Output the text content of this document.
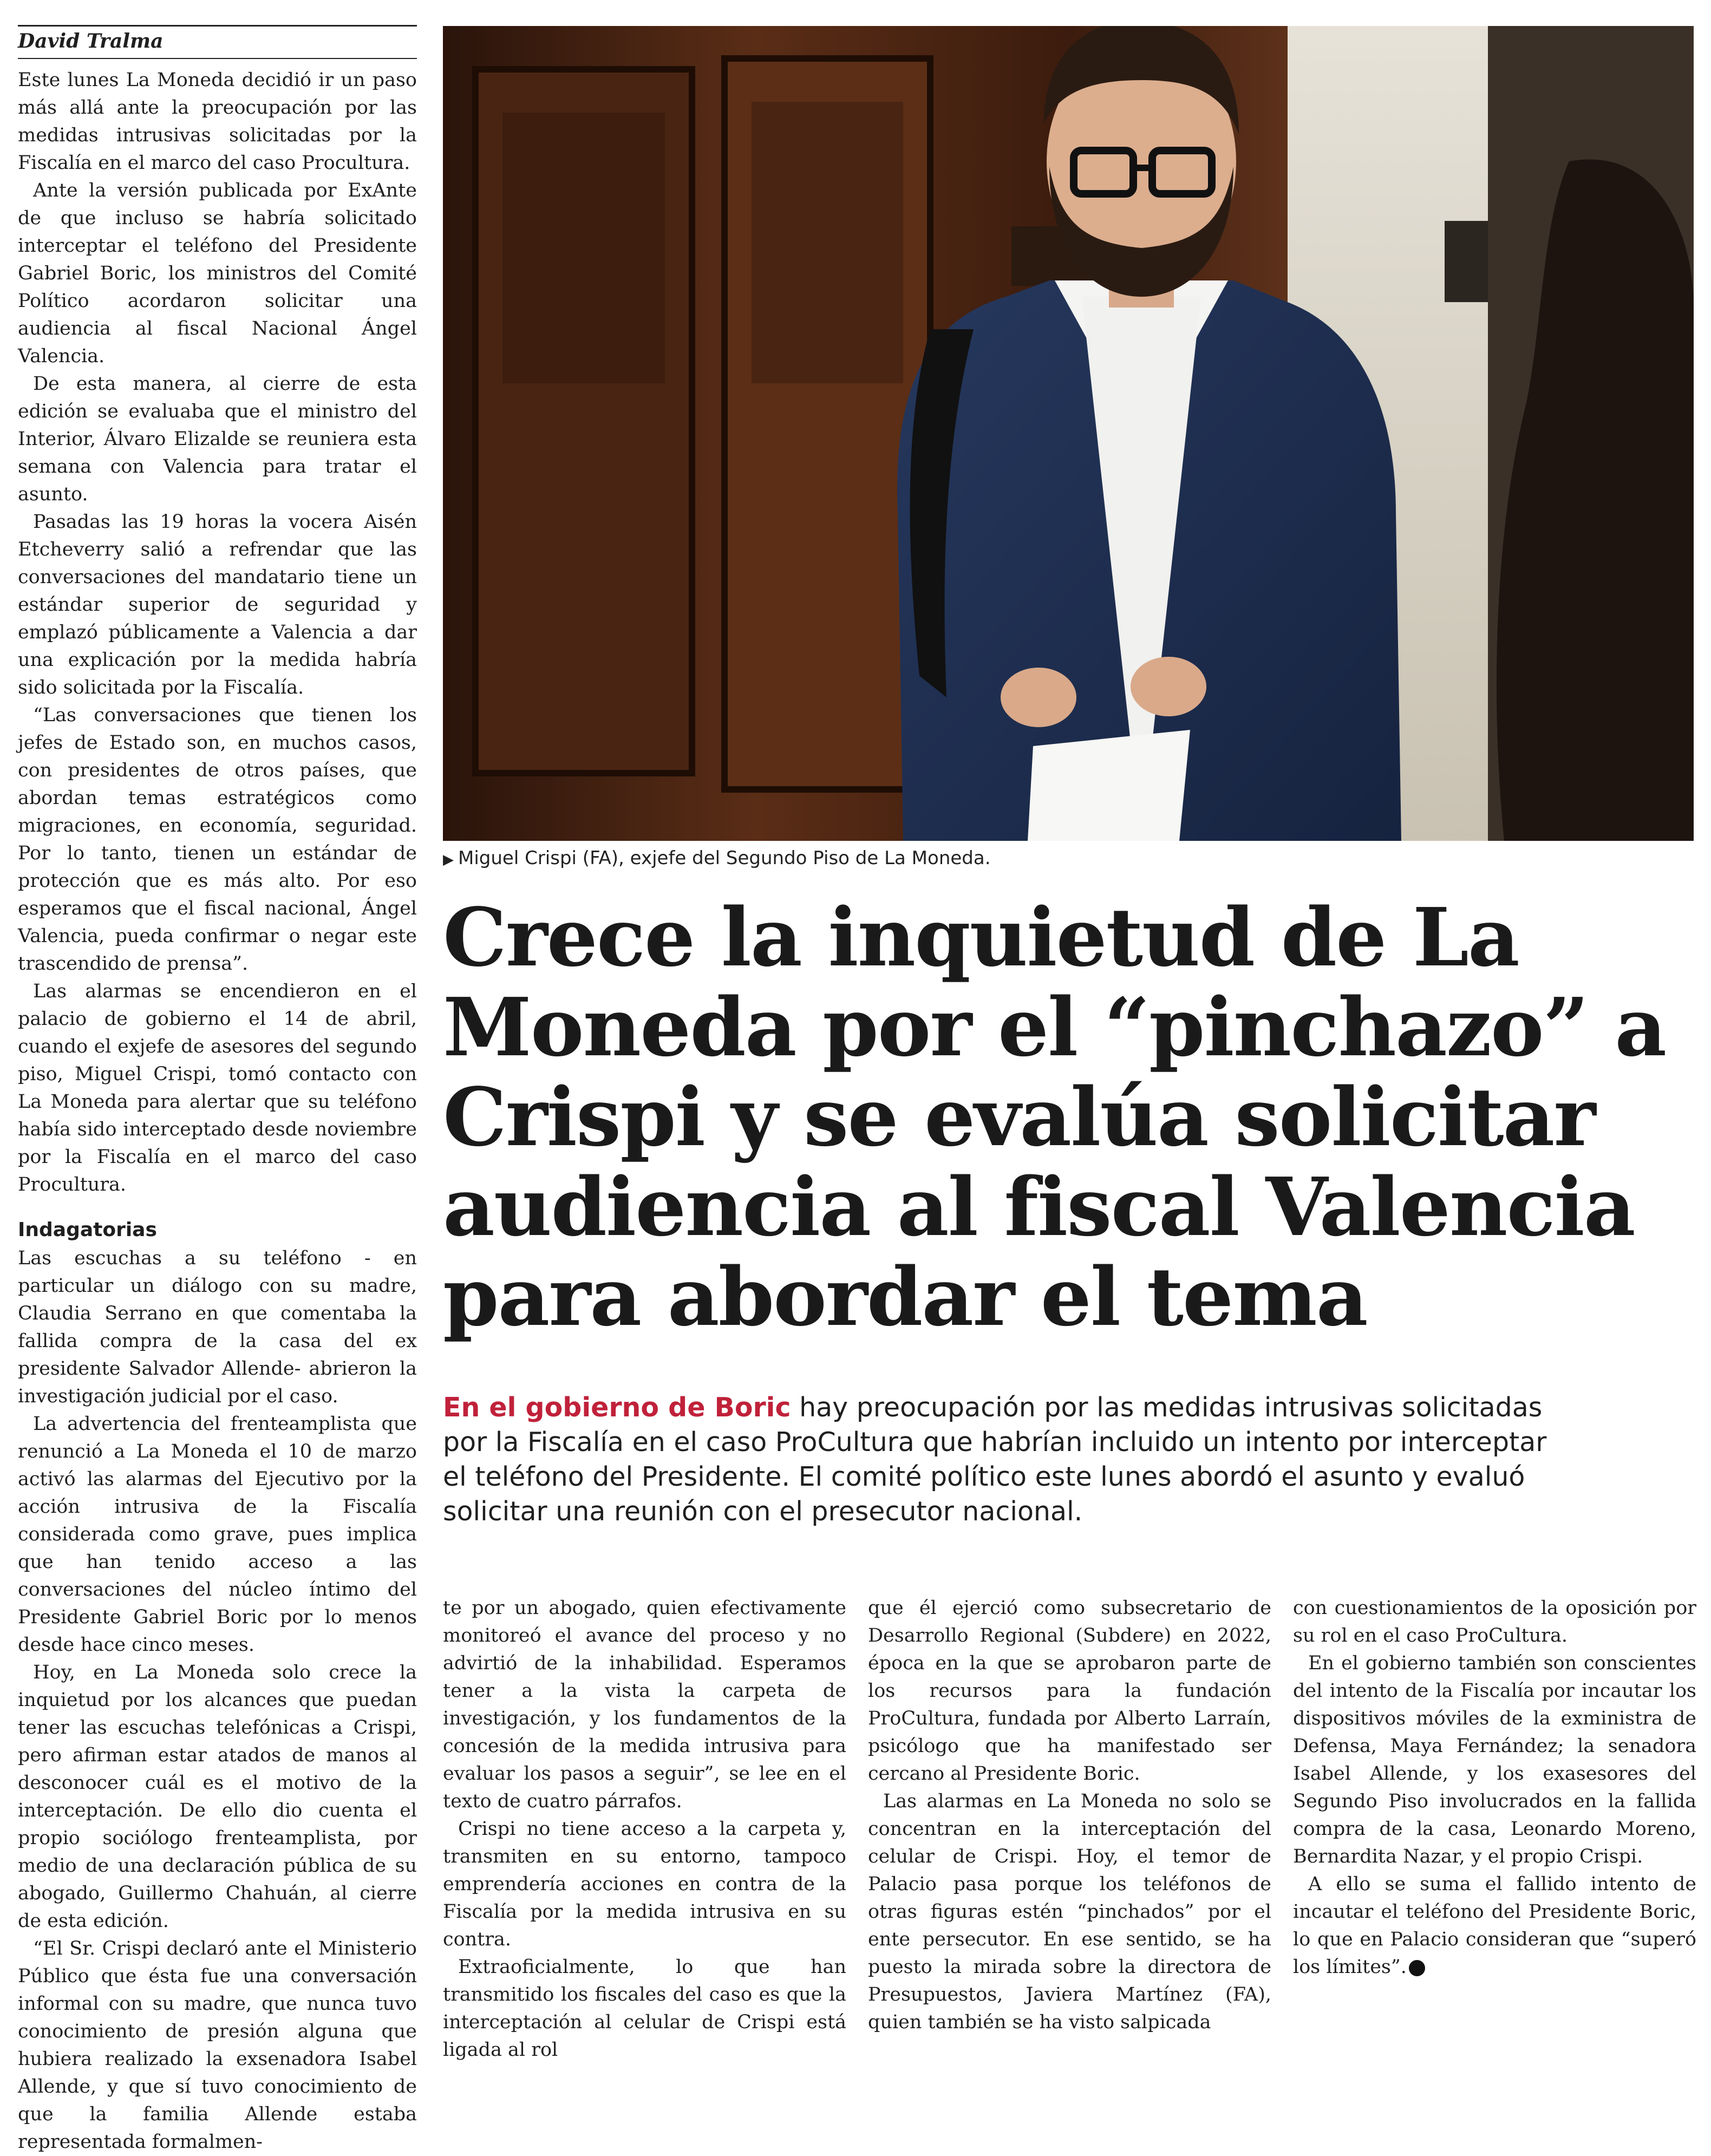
David Tralma

Este lunes La Moneda decidió ir un paso más allá ante la preocupación por las medidas intrusivas solicitadas por la Fiscalía en el marco del caso Procultura.

Ante la versión publicada por ExAnte de que incluso se habría solicitado interceptar el teléfono del Presidente Gabriel Boric, los ministros del Comité Político acordaron solicitar una audiencia al fiscal Nacional Ángel Valencia.

De esta manera, al cierre de esta edición se evaluaba que el ministro del Interior, Álvaro Elizalde se reuniera esta semana con Valencia para tratar el asunto.

Pasadas las 19 horas la vocera Aisén Etcheverry salió a refrendar que las conversaciones del mandatario tiene un estándar superior de seguridad y emplazó públicamente a Valencia a dar una explicación por la medida habría sido solicitada por la Fiscalía.

“Las conversaciones que tienen los jefes de Estado son, en muchos casos, con presidentes de otros países, que abordan temas estratégicos como migraciones, en economía, seguridad. Por lo tanto, tienen un estándar de protección que es más alto. Por eso esperamos que el fiscal nacional, Ángel Valencia, pueda confirmar o negar este trascendido de prensa”.

Las alarmas se encendieron en el palacio de gobierno el 14 de abril, cuando el exjefe de asesores del segundo piso, Miguel Crispi, tomó contacto con La Moneda para alertar que su teléfono había sido interceptado desde noviembre por la Fiscalía en el marco del caso Procultura.

Indagatorias

Las escuchas a su teléfono - en particular un diálogo con su madre, Claudia Serrano en que comentaba la fallida compra de la casa del ex presidente Salvador Allende- abrieron la investigación judicial por el caso.

La advertencia del frenteamplista que renunció a La Moneda el 10 de marzo activó las alarmas del Ejecutivo por la acción intrusiva de la Fiscalía considerada como grave, pues implica que han tenido acceso a las conversaciones del núcleo íntimo del Presidente Gabriel Boric por lo menos desde hace cinco meses.

Hoy, en La Moneda solo crece la inquietud por los alcances que puedan tener las escuchas telefónicas a Crispi, pero afirman estar atados de manos al desconocer cuál es el motivo de la interceptación. De ello dio cuenta el propio sociólogo frenteamplista, por medio de una declaración pública de su abogado, Guillermo Chahuán, al cierre de esta edición.

“El Sr. Crispi declaró ante el Ministerio Público que ésta fue una conversación informal con su madre, que nunca tuvo conocimiento de presión alguna que hubiera realizado la exsenadora Isabel Allende, y que sí tuvo conocimiento de que la familia Allende estaba representada formalmen-

▶ Miguel Crispi (FA), exjefe del Segundo Piso de La Moneda.
Crece la inquietud de La Moneda por el “pinchazo” a Crispi y se evalúa solicitar audiencia al fiscal Valencia para abordar el tema

En el gobierno de Boric hay preocupación por las medidas intrusivas solicitadas por la Fiscalía en el caso ProCultura que habrían incluido un intento por interceptar el teléfono del Presidente. El comité político este lunes abordó el asunto y evaluó solicitar una reunión con el presecutor nacional.

te por un abogado, quien efectivamente monitoreó el avance del proceso y no advirtió de la inhabilidad. Esperamos tener a la vista la carpeta de investigación, y los fundamentos de la concesión de la medida intrusiva para evaluar los pasos a seguir”, se lee en el texto de cuatro párrafos.

Crispi no tiene acceso a la carpeta y, transmiten en su entorno, tampoco emprendería acciones en contra de la Fiscalía por la medida intrusiva en su contra.

Extraoficialmente, lo que han transmitido los fiscales del caso es que la interceptación al celular de Crispi está ligada al rol

que él ejerció como subsecretario de Desarrollo Regional (Subdere) en 2022, época en la que se aprobaron parte de los recursos para la fundación ProCultura, fundada por Alberto Larraín, psicólogo que ha manifestado ser cercano al Presidente Boric.

Las alarmas en La Moneda no solo se concentran en la interceptación del celular de Crispi. Hoy, el temor de Palacio pasa porque los teléfonos de otras figuras estén “pinchados” por el ente persecutor. En ese sentido, se ha puesto la mirada sobre la directora de Presupuestos, Javiera Martínez (FA), quien también se ha visto salpicada

con cuestionamientos de la oposición por su rol en el caso ProCultura.

En el gobierno también son conscientes del intento de la Fiscalía por incautar los dispositivos móviles de la exministra de Defensa, Maya Fernández; la senadora Isabel Allende, y los exasesores del Segundo Piso involucrados en la fallida compra de la casa, Leonardo Moreno, Bernardita Nazar, y el propio Crispi.

A ello se suma el fallido intento de incautar el teléfono del Presidente Boric, lo que en Palacio consideran que “superó los límites”.
